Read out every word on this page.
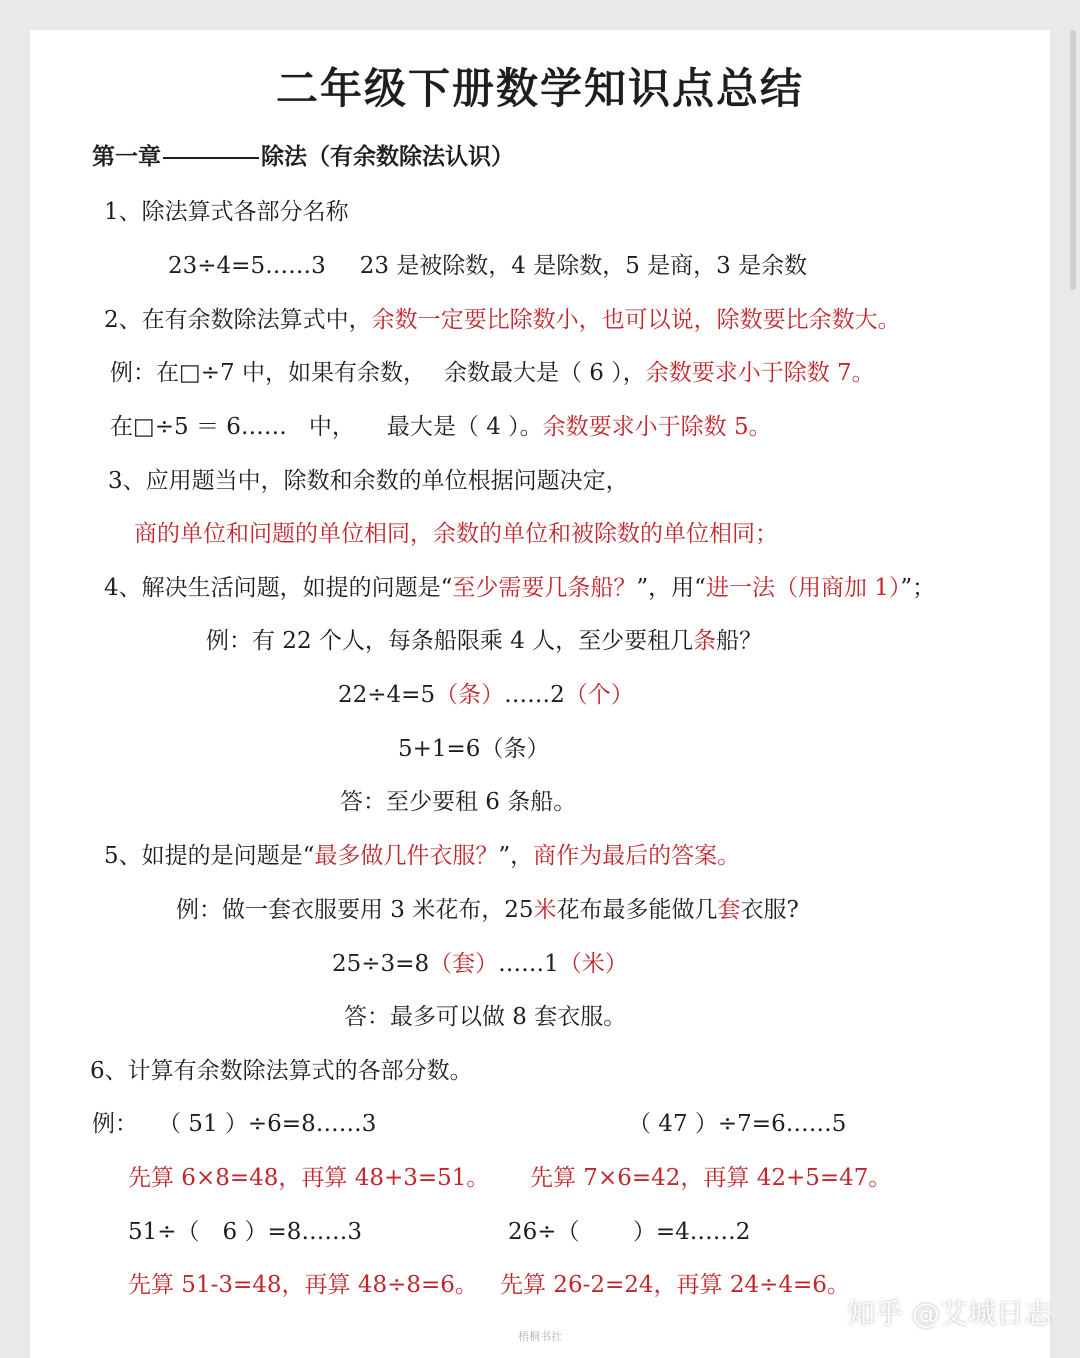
二年级下册数学知识点总结
第一章	除法（有余数除法认识）
1、除法算式各部分名称
23÷4=5……3 23 是被除数，4 是除数，5 是商，3 是余数
2、在有余数除法算式中，余数一定要比除数小，也可以说，除数要比余数大。
例：在□÷7 中，如果有余数， 余数最大是（ 6 ），余数要求小于除数 7。
在□÷5 ＝ 6…… 中， 最大是（ 4 ）。余数要求小于除数 5。
3、应用题当中，除数和余数的单位根据问题决定，
商的单位和问题的单位相同，余数的单位和被除数的单位相同；
4、解决生活问题，如提的问题是“至少需要几条船？”，用“进一法（用商加 1）”；
例：有 22 个人，每条船限乘 4 人，至少要租几条船？
22÷4=5（条）……2（个）
5+1=6（条）
答：至少要租 6 条船。
5、如提的是问题是“最多做几件衣服？”，商作为最后的答案。
例：做一套衣服要用 3 米花布，25米花布最多能做几套衣服?
25÷3=8（套）……1（米）
答：最多可以做 8 套衣服。
6、计算有余数除法算式的各部分数。
例： （ 51 ）÷6=8……3	（ 47 ）÷7=6……5
先算 6×8=48，再算 48+3=51。 先算 7×6=42，再算 42+5=47。
51÷（　6 ）=8……3	26÷（　　 ）=4……2
先算 51-3=48，再算 48÷8=6。 先算 26-2=24，再算 24÷4=6。
知乎 @艾城日志
梧桐书社
